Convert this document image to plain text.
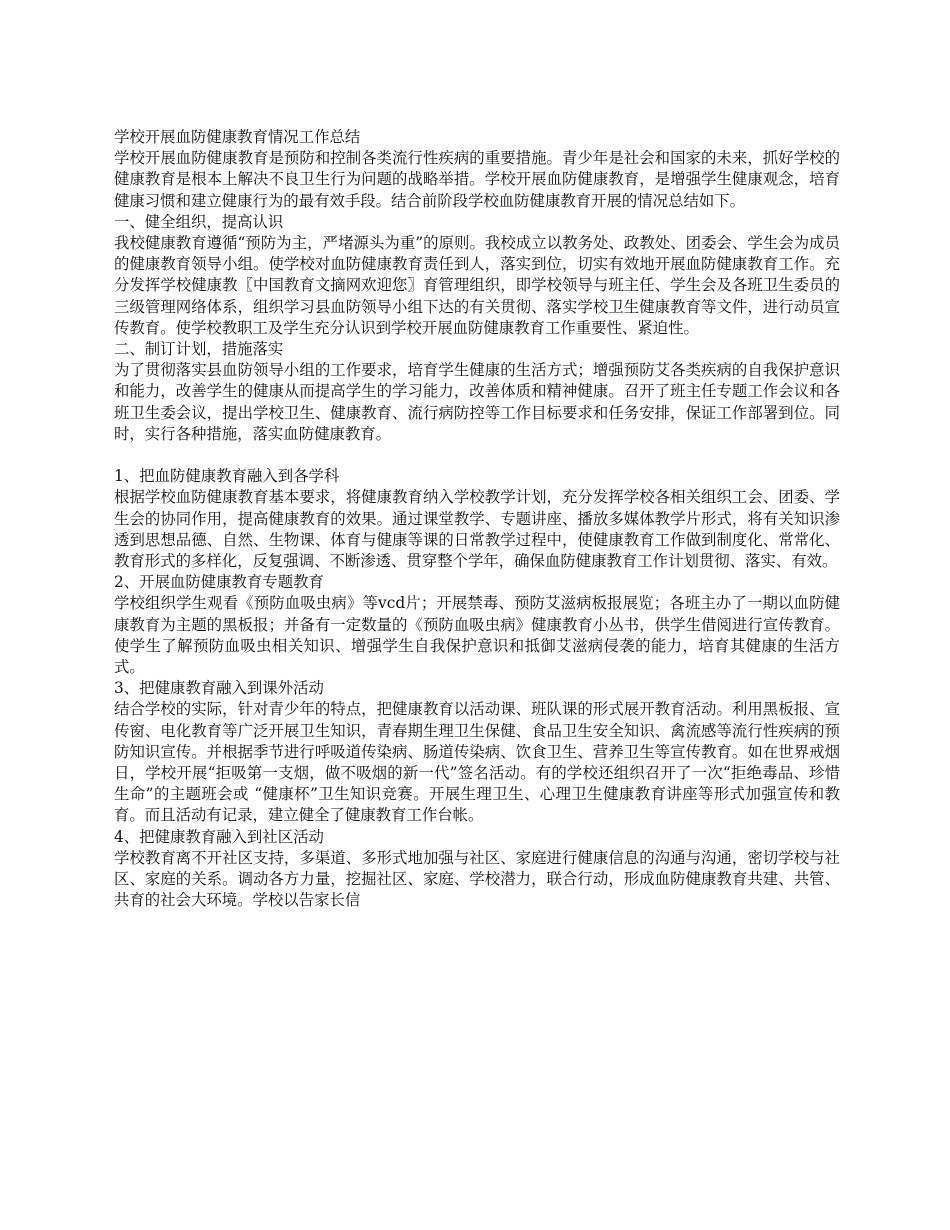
学校开展血防健康教育情况工作总结

学校开展血防健康教育是预防和控制各类流行性疾病的重要措施。青少年是社会和国家的未来，抓好学校的健康教育是根本上解决不良卫生行为问题的战略举措。学校开展血防健康教育，是增强学生健康观念，培育健康习惯和建立健康行为的最有效手段。结合前阶段学校血防健康教育开展的情况总结如下。

一、健全组织，提高认识

我校健康教育遵循“预防为主，严堵源头为重”的原则。我校成立以教务处、政教处、团委会、学生会为成员的健康教育领导小组。使学校对血防健康教育责任到人，落实到位，切实有效地开展血防健康教育工作。充分发挥学校健康教〖中国教育文摘网欢迎您〗育管理组织，即学校领导与班主任、学生会及各班卫生委员的三级管理网络体系，组织学习县血防领导小组下达的有关贯彻、落实学校卫生健康教育等文件，进行动员宣传教育。使学校教职工及学生充分认识到学校开展血防健康教育工作重要性、紧迫性。

二、制订计划，措施落实

为了贯彻落实县血防领导小组的工作要求，培育学生健康的生活方式；增强预防艾各类疾病的自我保护意识和能力，改善学生的健康从而提高学生的学习能力，改善体质和精神健康。召开了班主任专题工作会议和各班卫生委会议，提出学校卫生、健康教育、流行病防控等工作目标要求和任务安排，保证工作部署到位。同时，实行各种措施，落实血防健康教育。

1、把血防健康教育融入到各学科

根据学校血防健康教育基本要求，将健康教育纳入学校教学计划，充分发挥学校各相关组织工会、团委、学生会的协同作用，提高健康教育的效果。通过课堂教学、专题讲座、播放多媒体教学片形式，将有关知识渗透到思想品德、自然、生物课、体育与健康等课的日常教学过程中，使健康教育工作做到制度化、常常化、教育形式的多样化，反复强调、不断渗透、贯穿整个学年，确保血防健康教育工作计划贯彻、落实、有效。

2、开展血防健康教育专题教育

学校组织学生观看《预防血吸虫病》等vcd片；开展禁毒、预防艾滋病板报展览；各班主办了一期以血防健康教育为主题的黑板报；并备有一定数量的《预防血吸虫病》健康教育小丛书，供学生借阅进行宣传教育。使学生了解预防血吸虫相关知识、增强学生自我保护意识和抵御艾滋病侵袭的能力，培育其健康的生活方式。

3、把健康教育融入到课外活动

结合学校的实际，针对青少年的特点，把健康教育以活动课、班队课的形式展开教育活动。利用黑板报、宣传窗、电化教育等广泛开展卫生知识，青春期生理卫生保健、食品卫生安全知识、禽流感等流行性疾病的预防知识宣传。并根据季节进行呼吸道传染病、肠道传染病、饮食卫生、营养卫生等宣传教育。如在世界戒烟日，学校开展“拒吸第一支烟，做不吸烟的新一代”签名活动。有的学校还组织召开了一次“拒绝毒品、珍惜生命”的主题班会或 “健康杯”卫生知识竞赛。开展生理卫生、心理卫生健康教育讲座等形式加强宣传和教育。而且活动有记录，建立健全了健康教育工作台帐。

4、把健康教育融入到社区活动

学校教育离不开社区支持，多渠道、多形式地加强与社区、家庭进行健康信息的沟通与沟通，密切学校与社区、家庭的关系。调动各方力量，挖掘社区、家庭、学校潜力，联合行动，形成血防健康教育共建、共管、共育的社会大环境。学校以告家长信
